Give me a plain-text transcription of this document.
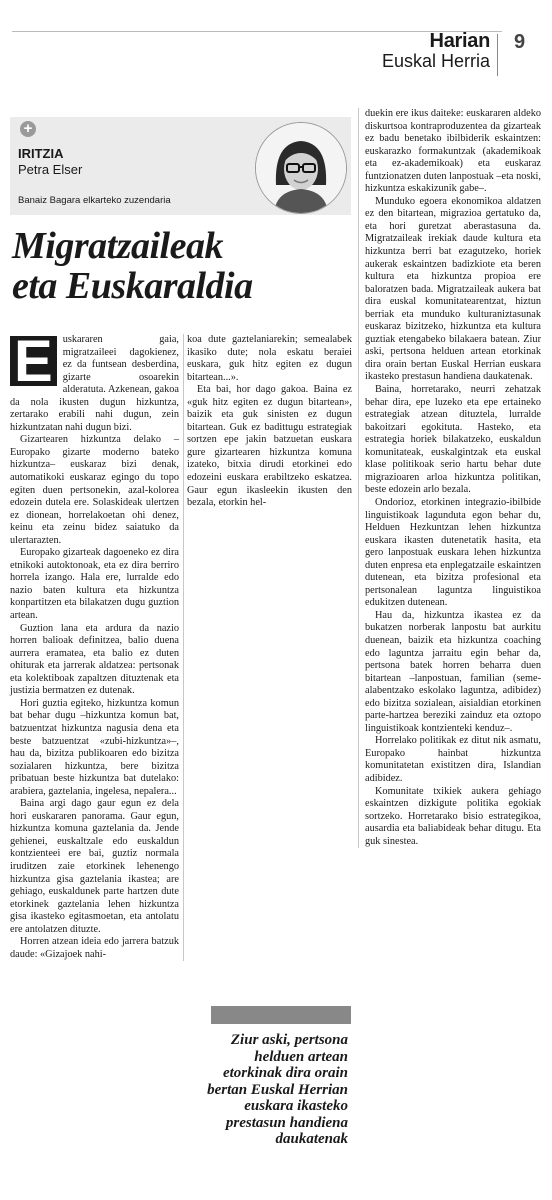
Harian
Euskal Herria
9
+
IRITZIA
Petra Elser
Banaiz Bagara elkarteko zuzendaria
Migratzaileak
eta Euskaraldia

E uskararen gaia, migratzaileei dagokienez, ez da funtsean desberdina, gizarte osoarekin alderatuta. Azkenean, gakoa da nola ikusten dugun hizkuntza, zertarako erabili nahi dugun, zein hizkuntzatan nahi dugun bizi.

Gizartearen hizkuntza delako –Europako gizarte moderno bateko hizkuntza– euskaraz bizi denak, automatikoki euskaraz egingo du topo egiten duen pertsonekin, azal-kolorea edozein dutela ere. Solaskideak ulertzen ez dionean, horrelakoetan ohi denez, keinu eta zeinu bidez saiatuko da ulertarazten.

Europako gizarteak dagoeneko ez dira etnikoki autoktonoak, eta ez dira berriro horrela izango. Hala ere, lurralde edo nazio baten kultura eta hizkuntza konpartitzen eta bilakatzen dugu guztion artean.

Guztion lana eta ardura da nazio horren balioak definitzea, balio duena aurrera eramatea, eta balio ez duten ohiturak eta jarrerak aldatzea: pertsonak eta kolektiboak zapaltzen dituztenak eta justizia bermatzen ez dutenak.

Hori guztia egiteko, hizkuntza komun bat behar dugu –hizkuntza komun bat, batzuentzat hizkuntza nagusia dena eta beste batzuentzat «zubi-hizkuntza»–, hau da, bizitza publikoaren edo bizitza sozialaren hizkuntza, bere bizitza pribatuan beste hizkuntza bat dutelako: arabiera, gaztelania, ingelesa, nepalera...

Baina argi dago gaur egun ez dela hori euskararen panorama. Gaur egun, hizkuntza komuna gaztelania da. Jende gehienei, euskaltzale edo euskaldun kontzienteei ere bai, guztiz normala iruditzen zaie etorkinek lehenengo hizkuntza gisa gaztelania ikastea; are gehiago, euskaldunek parte hartzen dute etorkinek gaztelania lehen hizkuntza gisa ikasteko egitasmoetan, eta antolatu ere antolatzen dituzte.

Horren atzean ideia edo jarrera batzuk daude: «Gizajoek nahi-

koa dute gaztelaniarekin; semealabek ikasiko dute; nola eskatu beraiei euskara, guk hitz egiten ez dugun bitartean...».

Eta bai, hor dago gakoa. Baina ez «guk hitz egiten ez dugun bitartean», baizik eta guk sinisten ez dugun bitartean. Guk ez badittugu estrategiak sortzen epe jakin batzuetan euskara gure gizartearen hizkuntza komuna izateko, bitxia dirudi etorkinei edo edozeini euskara erabiltzeko eskatzea. Gaur egun ikasleekin ikusten den bezala, etorkin hel-

duekin ere ikus daiteke: euskararen aldeko diskurtsoa kontraproduzentea da gizarteak ez badu benetako ibilbiderik eskaintzen: euskarazko formakuntzak (akademikoak eta ez-akademikoak) eta euskaraz funtzionatzen duten lanpostuak –eta noski, hizkuntza eskakizunik gabe–.

Munduko egoera ekonomikoa aldatzen ez den bitartean, migrazioa gertatuko da, eta hori guretzat aberastasuna da. Migratzaileak irekiak daude kultura eta hizkuntza berri bat ezagutzeko, horiek aukerak eskaintzen badizkiote eta beren kultura eta hizkuntza propioa ere baloratzen bada. Migratzaileak aukera bat dira euskal komunitatearentzat, hiztun berriak eta munduko kulturaniztasunak euskaraz bizitzeko, hizkuntza eta kultura guztiak etengabeko bilakaera batean. Ziur aski, pertsona helduen artean etorkinak dira orain bertan Euskal Herrian euskara ikasteko prestasun handiena daukatenak.

Baina, horretarako, neurri zehatzak behar dira, epe luzeko eta epe ertaineko estrategiak atzean dituztela, lurralde bakoitzari egokituta. Hasteko, eta estrategia horiek bilakatzeko, euskaldun komunitateak, euskalgintzak eta euskal klase politikoak serio hartu behar dute migrazioaren arloa hizkuntza politikan, beste edozein arlo bezala.

Ondorioz, etorkinen integrazio-ibilbide linguistikoak lagunduta egon behar du, Helduen Hezkuntzan lehen hizkuntza euskara ikasten dutenetatik hasita, eta gero lanpostuak euskara lehen hizkuntza duten enpresa eta enplegatzaile eskaintzen dutenean, eta bizitza profesional eta pertsonalean laguntza linguistikoa edukitzen dutenean.

Hau da, hizkuntza ikastea ez da bukatzen norberak lanpostu bat aurkitu duenean, baizik eta hizkuntza coaching edo laguntza jarraitu egin behar da, pertsona batek horren beharra duen bitartean –lanpostuan, familian (seme-alabentzako eskolako laguntza, adibidez) edo bizitza sozialean, aisialdian etorkinen parte-hartzea bereziki zainduz eta oztopo linguistikoak kontzienteki kenduz–.

Horrelako politikak ez ditut nik asmatu, Europako hainbat hizkuntza komunitatetan existitzen dira, Islandian adibidez.

Komunitate txikiek aukera gehiago eskaintzen dizkigute politika egokiak sortzeko. Horretarako bisio estrategikoa, ausardia eta baliabideak behar ditugu. Eta guk sinestea.

Ziur aski, pertsona helduen artean etorkinak dira orain bertan Euskal Herrian euskara ikasteko prestasun handiena daukatenak
